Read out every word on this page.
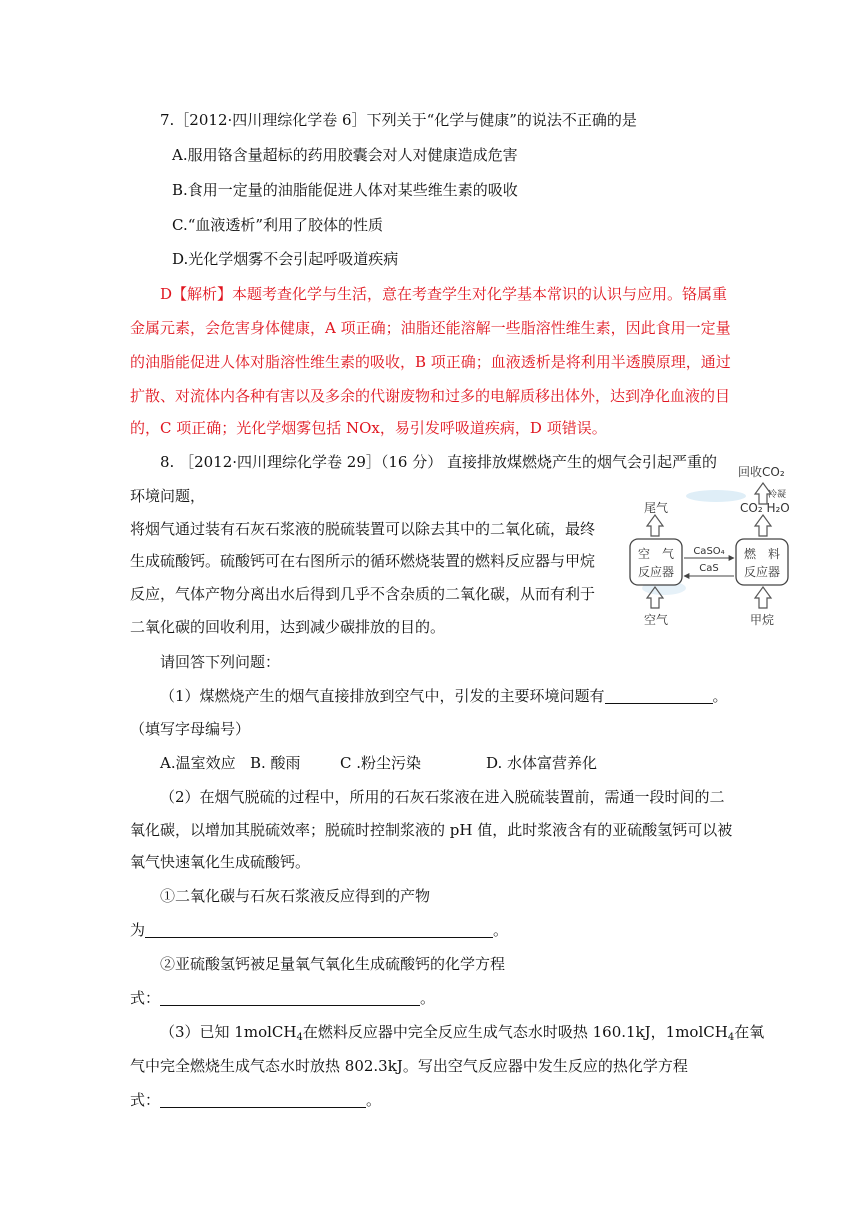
7.［2012·四川理综化学卷 6］下列关于“化学与健康”的说法不正确的是
A.服用铬含量超标的药用胶囊会对人对健康造成危害
B.食用一定量的油脂能促进人体对某些维生素的吸收
C.“血液透析”利用了胶体的性质
D.光化学烟雾不会引起呼吸道疾病
D【解析】本题考查化学与生活，意在考查学生对化学基本常识的认识与应用。铬属重
金属元素，会危害身体健康，A 项正确；油脂还能溶解一些脂溶性维生素，因此食用一定量
的油脂能促进人体对脂溶性维生素的吸收，B 项正确；血液透析是将利用半透膜原理，通过
扩散、对流体内各种有害以及多余的代谢废物和过多的电解质移出体外，达到净化血液的目
的，C 项正确；光化学烟雾包括 NOx，易引发呼吸道疾病，D 项错误。
8. ［2012·四川理综化学卷 29］（16 分） 直接排放煤燃烧产生的烟气会引起严重的
环境问题，
将烟气通过装有石灰石浆液的脱硫装置可以除去其中的二氧化硫，最终
生成硫酸钙。硫酸钙可在右图所示的循环燃烧装置的燃料反应器与甲烷
反应，气体产物分离出水后得到几乎不含杂质的二氧化碳，从而有利于
二氧化碳的回收利用，达到减少碳排放的目的。
回收CO₂
冷凝
CO₂ H₂O
尾气
空　气
反应器
燃　料
反应器
CaSO₄
CaS
空气	甲烷
请回答下列问题：
（1）煤燃烧产生的烟气直接排放到空气中，引发的主要环境问题有	。
（填写字母编号）
A.温室效应 B. 酸雨	C .粉尘污染	D. 水体富营养化
（2）在烟气脱硫的过程中，所用的石灰石浆液在进入脱硫装置前，需通一段时间的二
氧化碳，以增加其脱硫效率；脱硫时控制浆液的 pH 值，此时浆液含有的亚硫酸氢钙可以被
氧气快速氧化生成硫酸钙。
①二氧化碳与石灰石浆液反应得到的产物
为	。
②亚硫酸氢钙被足量氧气氧化生成硫酸钙的化学方程
式：	。
（3）已知 1molCH$_4$在燃料反应器中完全反应生成气态水时吸热 160.1kJ，1molCH$_4$在氧
气中完全燃烧生成气态水时放热 802.3kJ。写出空气反应器中发生反应的热化学方程
式：	。
